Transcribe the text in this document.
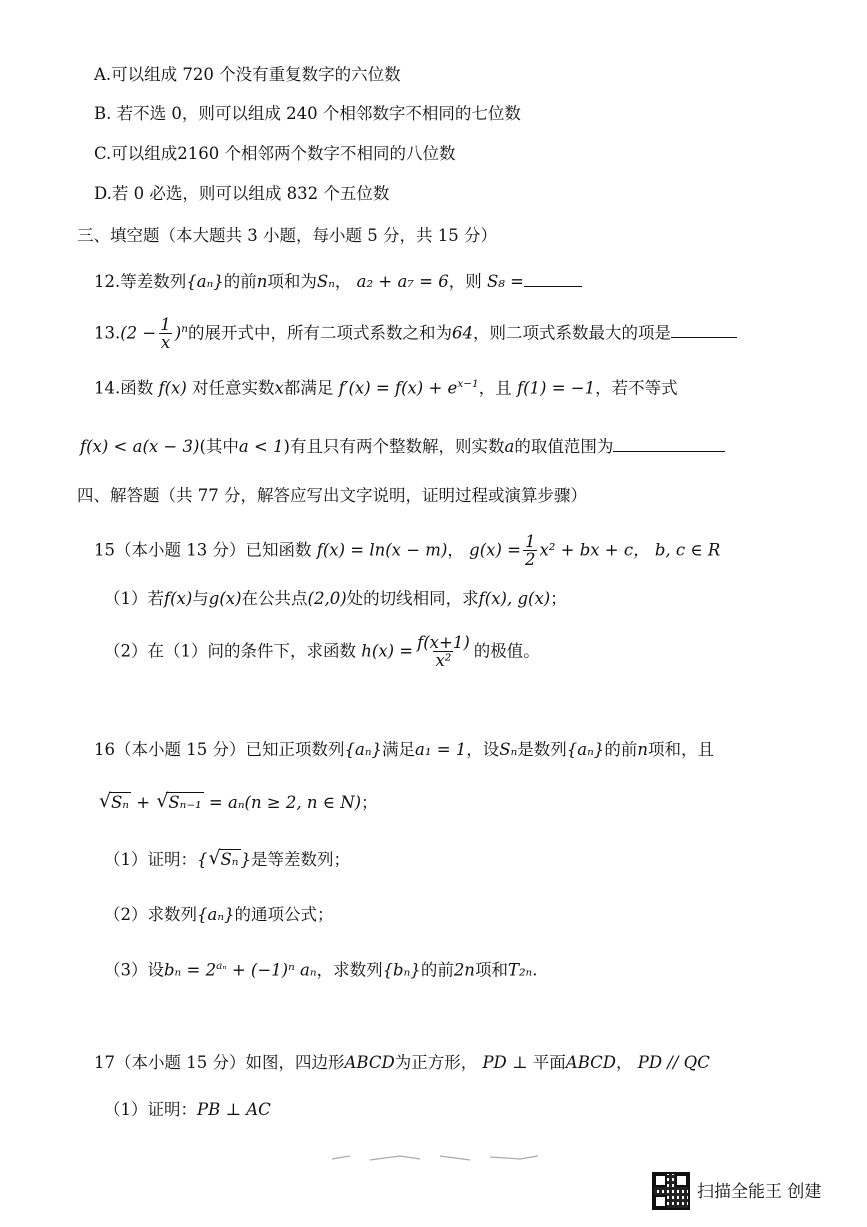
A.可以组成 720 个没有重复数字的六位数
B. 若不选 0，则可以组成 240 个相邻数字不相同的七位数
C.可以组成2160 个相邻两个数字不相同的八位数
D.若 0 必选，则可以组成 832 个五位数
三、填空题（本大题共 3 小题，每小题 5 分，共 15 分）
12.等差数列{aₙ}的前n项和为Sₙ， a₂ + a₇ = 6，则 S₈ =
$13.(2 - \frac{1}{x} )^n$的展开式中，所有二项式系数之和为64，则二项式系数最大的项是
14.函数 f(x) 对任意实数x都满足 $f'(x) = f(x) + e^{x-1}$，且 f(1) = −1，若不等式
f(x) < a(x − 3)(其中a < 1)有且只有两个整数解，则实数a的取值范围为
四、解答题（共 77 分，解答应写出文字说明，证明过程或演算步骤）
15（本小题 13 分）已知函数 f(x) = ln(x − m)， $g(x) = \frac{1}{2} x^2$ + bx + c， b, c ∈ R
（1）若f(x)与g(x)在公共点(2,0)处的切线相同，求f(x), g(x)；
（2）在（1）问的条件下，求函数 $h(x) = \frac{f(x+1)}{\text{x²}}$ 的极值。
16（本小题 15 分）已知正项数列{aₙ}满足a₁ = 1，设Sₙ是数列{aₙ}的前n项和，且
√ Sₙ + √ Sₙ₋₁ = aₙ(n ≥ 2, n ∈ N)；
（1）证明：{ √ Sₙ }是等差数列；
（2）求数列{aₙ}的通项公式；
（3）设$b_n = 2^{a_n} + (-1)^n$ aₙ，求数列{bₙ}的前2n项和T₂ₙ.
17（本小题 15 分）如图，四边形ABCD为正方形， PD ⊥ 平面ABCD， PD // QC
（1）证明：PB ⊥ AC
扫描全能王 创建
